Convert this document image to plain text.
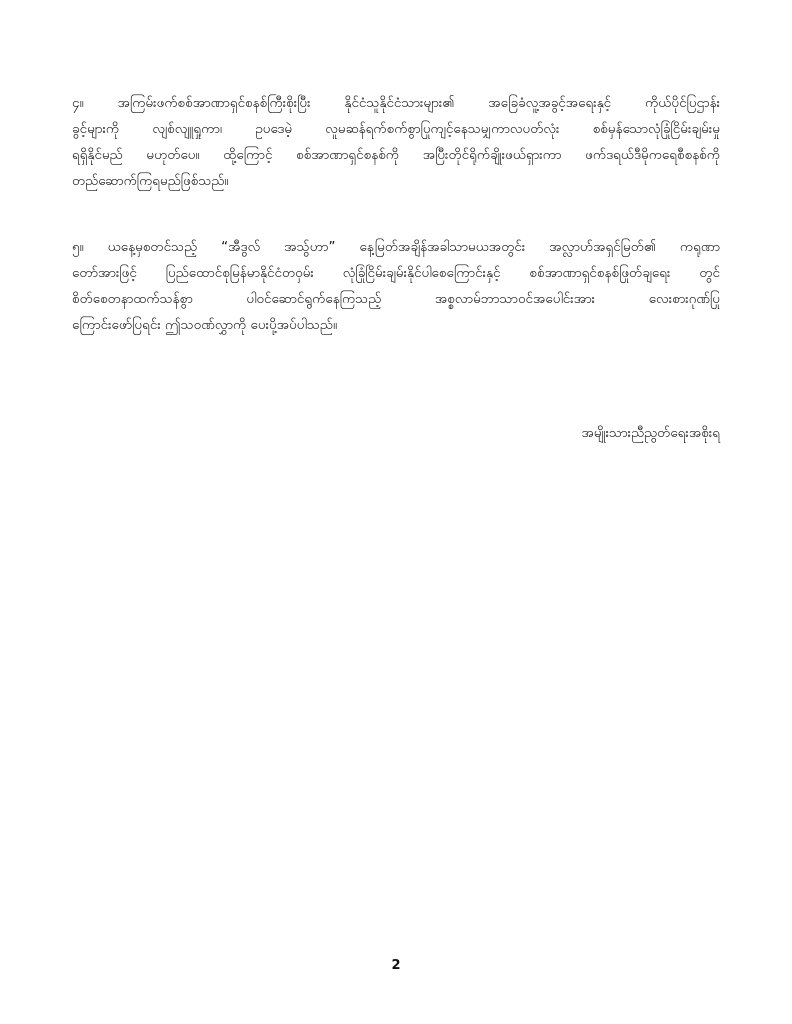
၄။ အကြမ်းဖက်စစ်အာဏာရှင်စနစ်ကြီးစိုးပြီး နိုင်ငံသူနိုင်ငံသားများ၏ အခြေခံလူ့အခွင့်အရေးနှင့် ကိုယ်ပိုင်ပြဌာန်း
ခွင့်များကို လျစ်လျူရှုကာ၊ ဥပဒေမဲ့ လူမဆန်ရက်စက်စွာပြုကျင့်နေသမျှကာလပတ်လုံး စစ်မှန်သောလုံခြုံငြိမ်းချမ်းမှု
ရရှိနိုင်မည် မဟုတ်ပေ။ ထို့ကြောင့် စစ်အာဏာရှင်စနစ်ကို အပြီးတိုင်ရိုက်ချိုးဖယ်ရှားကာ ဖက်ဒရယ်ဒီမိုကရေစီစနစ်ကို
တည်ဆောက်ကြရမည်ဖြစ်သည်။
၅။ ယနေ့မှစတင်သည့် “အီဒွလ် အသွ်ဟာ” နေ့မြတ်အချိန်အခါသာမယအတွင်း အလ္လာဟ်အရှင်မြတ်၏ ကရုဏာ
တော်အားဖြင့် ပြည်ထောင်စုမြန်မာနိုင်ငံတဝှမ်း လုံခြုံငြိမ်းချမ်းနိုင်ပါစေကြောင်းနှင့် စစ်အာဏာရှင်စနစ်ဖြုတ်ချရေး တွင်
စိတ်စေတနာထက်သန်စွာ ပါဝင်ဆောင်ရွက်နေကြသည့် အစ္စလာမ်ဘာသာဝင်အပေါင်းအား လေးစားဂုဏ်ပြု
ကြောင်းဖော်ပြရင်း ဤသဝဏ်လွှာကို ပေးပို့အပ်ပါသည်။
အမျိုးသားညီညွတ်ရေးအစိုးရ
2
